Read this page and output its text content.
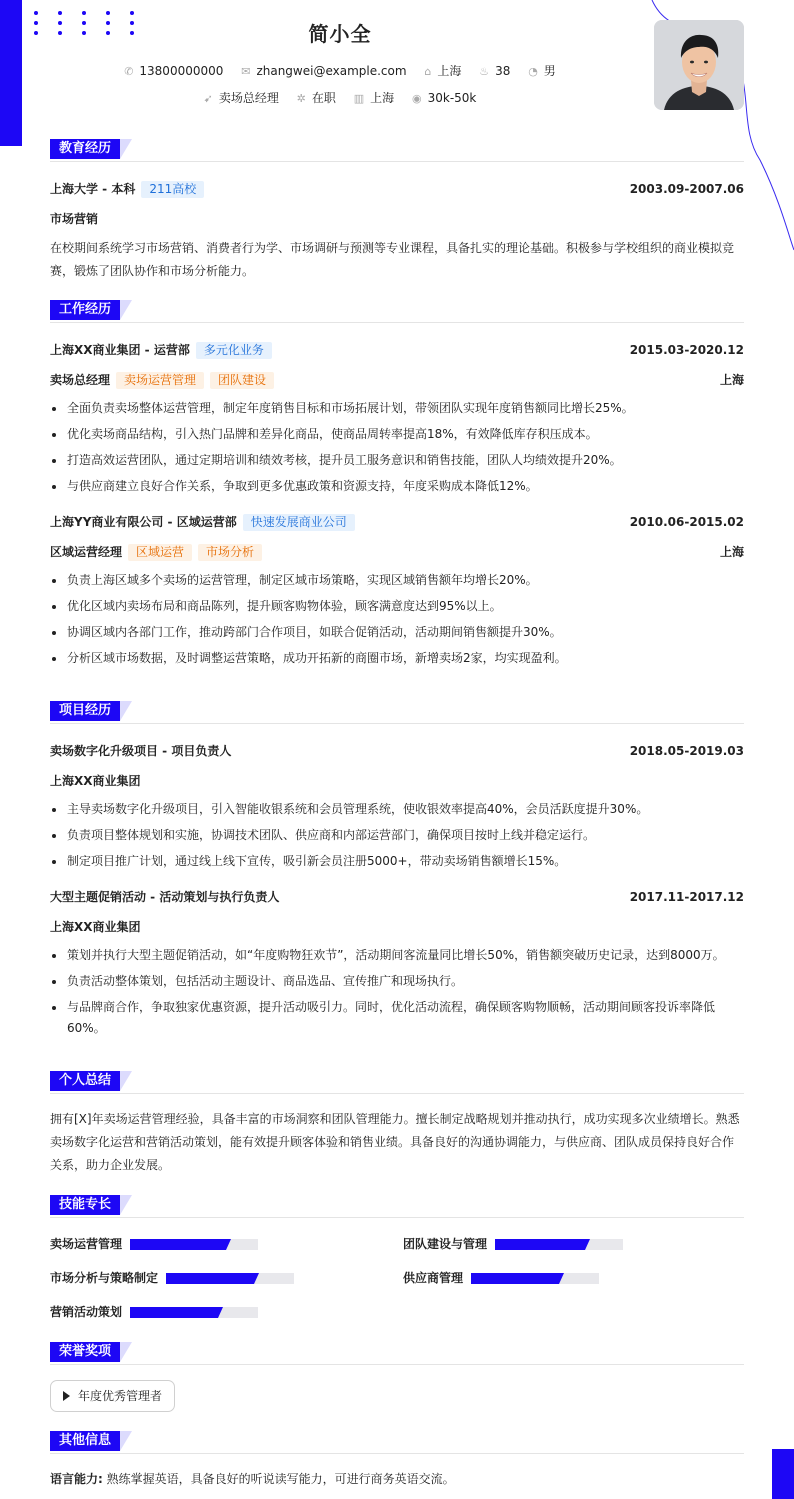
简小全
✆ 13800000000 ✉ zhangwei@example.com ⌂ 上海 ♨ 38 ◔ 男
➹ 卖场总经理 ✲ 在职 ▥ 上海 ◉ 30k-50k
教育经历
上海大学 - 本科 211高校	2003.09-2007.06
市场营销

在校期间系统学习市场营销、消费者行为学、市场调研与预测等专业课程，具备扎实的理论基础。积极参与学校组织的商业模拟竞赛，锻炼了团队协作和市场分析能力。

工作经历
上海XX商业集团 - 运营部 多元化业务	2015.03-2020.12
卖场总经理 卖场运营管理 团队建设	上海
全面负责卖场整体运营管理，制定年度销售目标和市场拓展计划，带领团队实现年度销售额同比增长25%。
优化卖场商品结构，引入热门品牌和差异化商品，使商品周转率提高18%，有效降低库存积压成本。
打造高效运营团队，通过定期培训和绩效考核，提升员工服务意识和销售技能，团队人均绩效提升20%。
与供应商建立良好合作关系，争取到更多优惠政策和资源支持，年度采购成本降低12%。
上海YY商业有限公司 - 区域运营部 快速发展商业公司	2010.06-2015.02
区域运营经理 区域运营 市场分析	上海
负责上海区域多个卖场的运营管理，制定区域市场策略，实现区域销售额年均增长20%。
优化区域内卖场布局和商品陈列，提升顾客购物体验，顾客满意度达到95%以上。
协调区域内各部门工作，推动跨部门合作项目，如联合促销活动，活动期间销售额提升30%。
分析区域市场数据，及时调整运营策略，成功开拓新的商圈市场，新增卖场2家，均实现盈利。
项目经历
卖场数字化升级项目 - 项目负责人	2018.05-2019.03
上海XX商业集团
主导卖场数字化升级项目，引入智能收银系统和会员管理系统，使收银效率提高40%，会员活跃度提升30%。
负责项目整体规划和实施，协调技术团队、供应商和内部运营部门，确保项目按时上线并稳定运行。
制定项目推广计划，通过线上线下宣传，吸引新会员注册5000+，带动卖场销售额增长15%。
大型主题促销活动 - 活动策划与执行负责人	2017.11-2017.12
上海XX商业集团
策划并执行大型主题促销活动，如“年度购物狂欢节”，活动期间客流量同比增长50%，销售额突破历史记录，达到8000万。
负责活动整体策划，包括活动主题设计、商品选品、宣传推广和现场执行。
与品牌商合作，争取独家优惠资源，提升活动吸引力。同时，优化活动流程，确保顾客购物顺畅，活动期间顾客投诉率降低60%。
个人总结

拥有[X]年卖场运营管理经验，具备丰富的市场洞察和团队管理能力。擅长制定战略规划并推动执行，成功实现多次业绩增长。熟悉卖场数字化运营和营销活动策划，能有效提升顾客体验和销售业绩。具备良好的沟通协调能力，与供应商、团队成员保持良好合作关系，助力企业发展。

技能专长
卖场运营管理	团队建设与管理
市场分析与策略制定	供应商管理
营销活动策划
荣誉奖项
年度优秀管理者
其他信息

语言能力: 熟练掌握英语，具备良好的听说读写能力，可进行商务英语交流。
